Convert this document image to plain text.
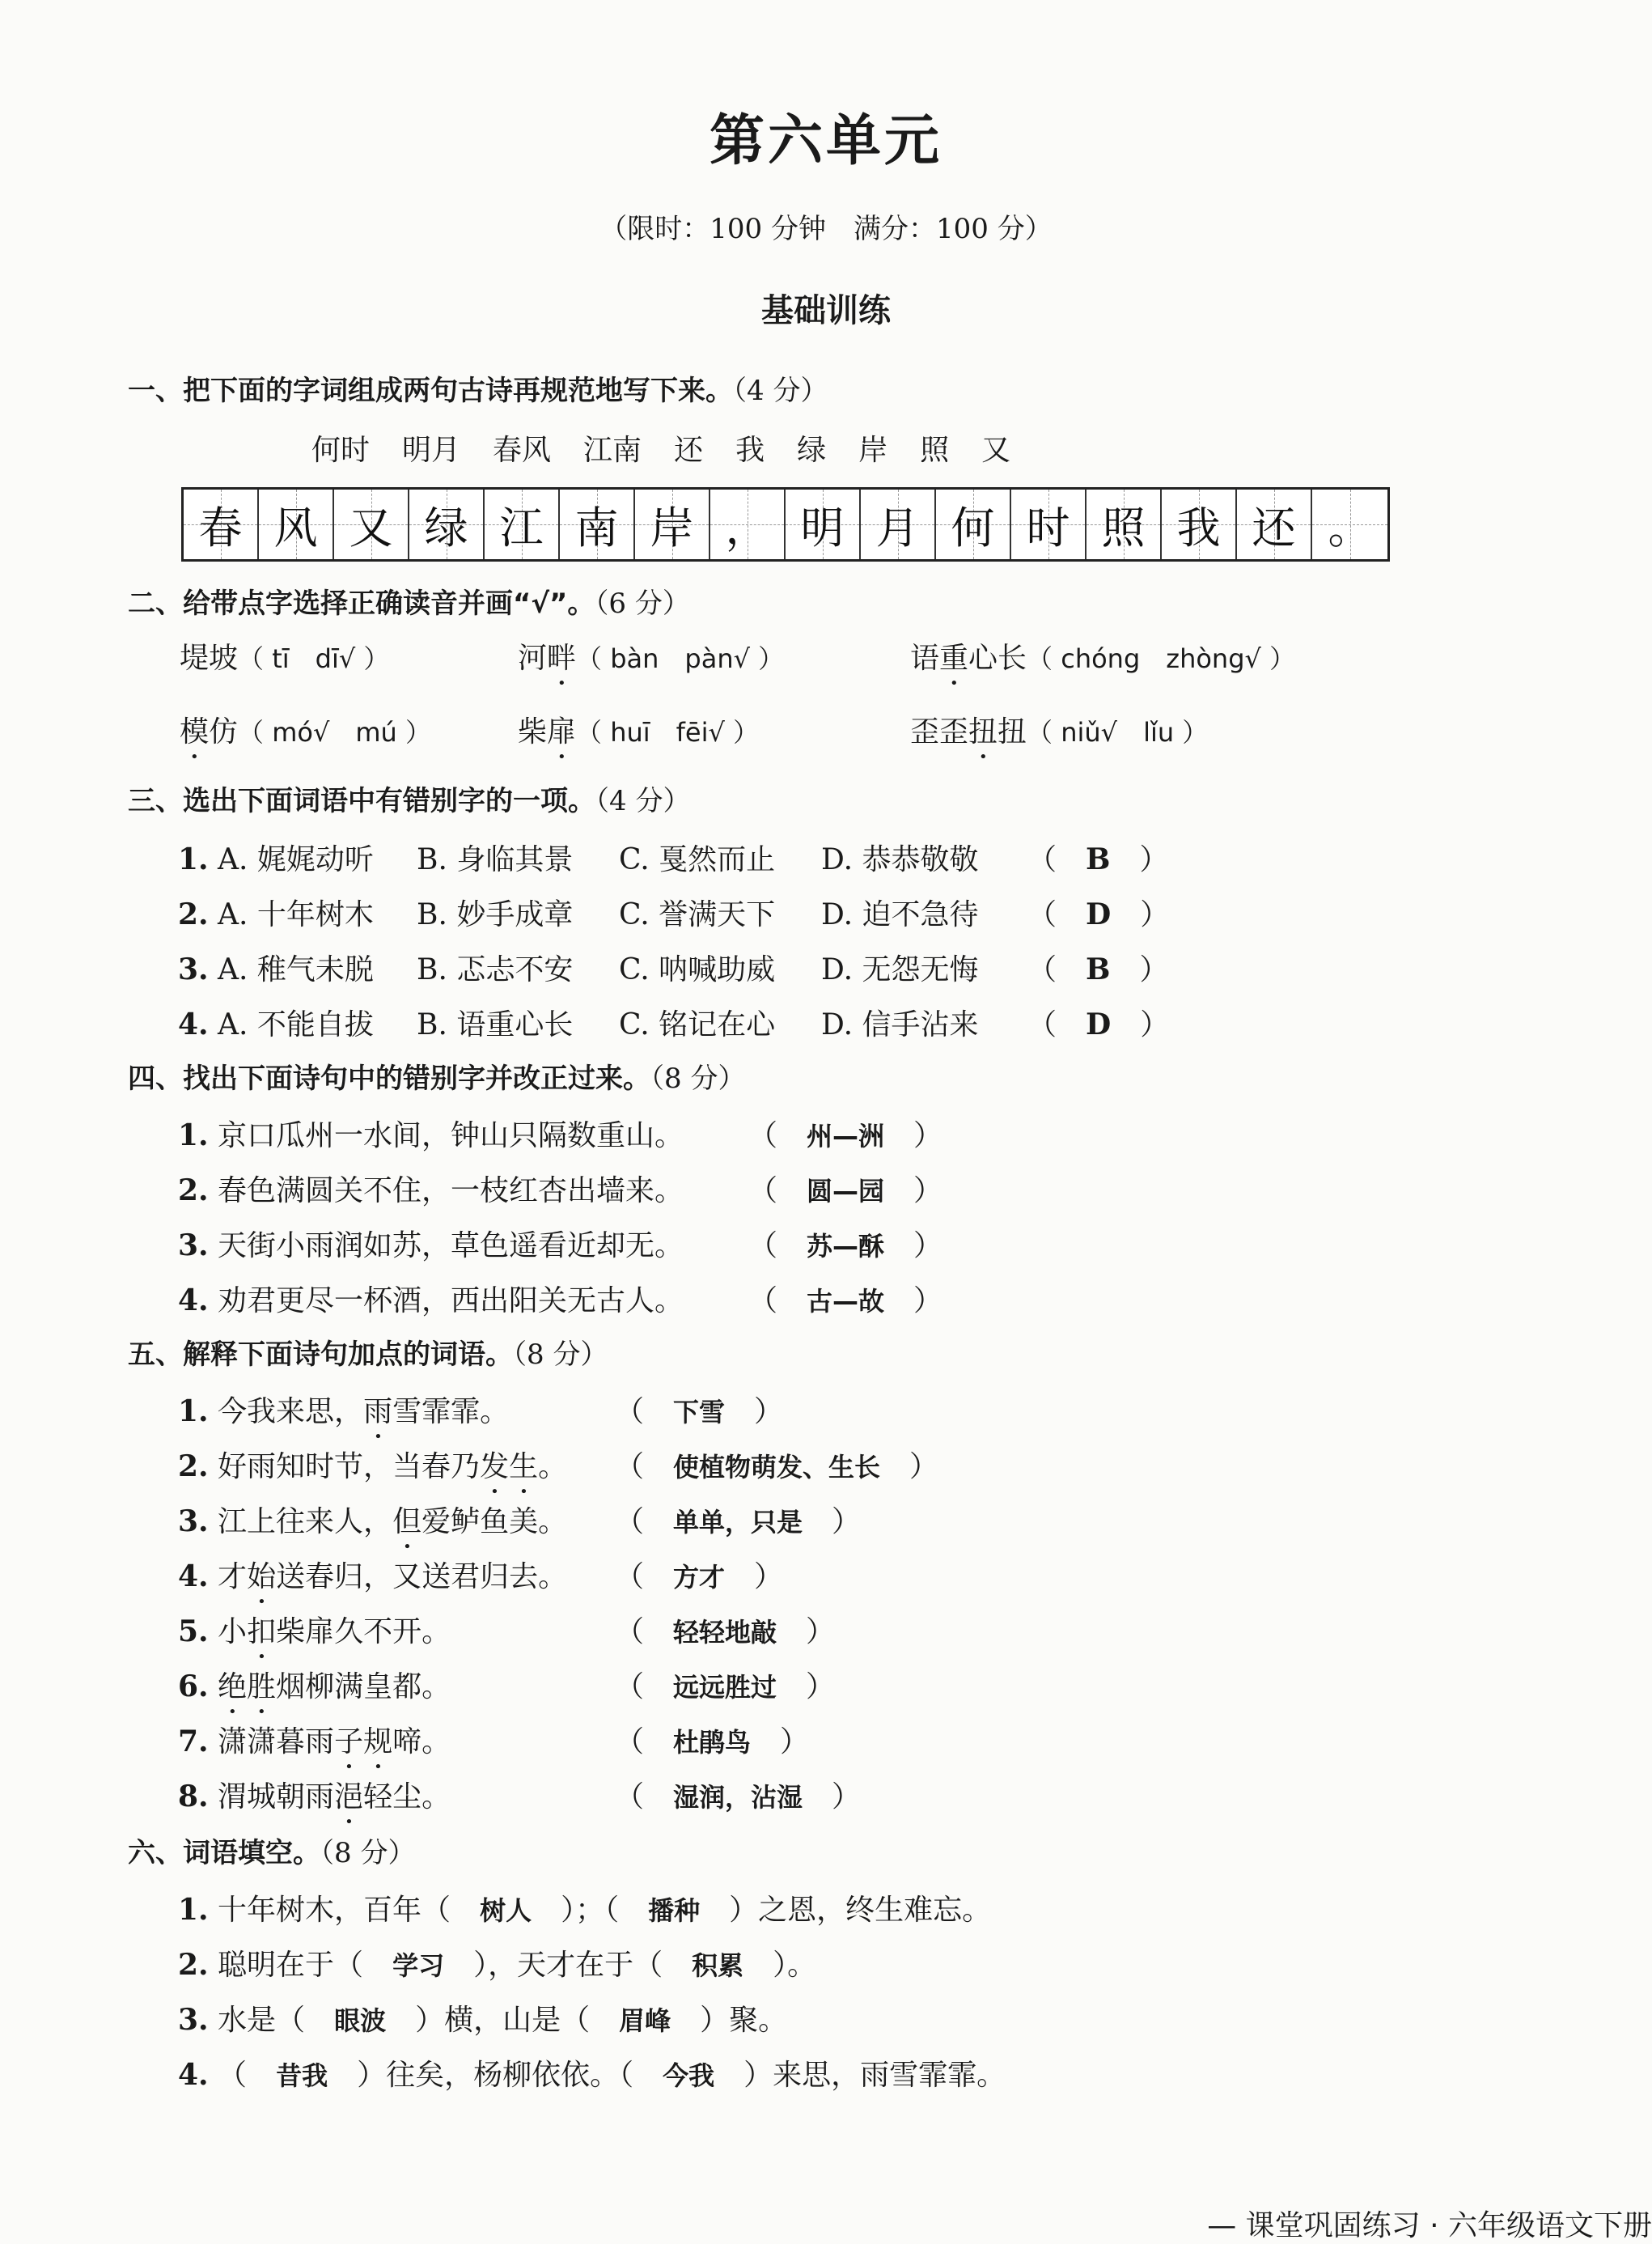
第六单元
（限时：100 分钟　满分：100 分）
基础训练
一、把下面的字词组成两句古诗再规范地写下来。（4 分）
何时 明月 春风 江南 还 我 绿 岸 照 又
春 风 又 绿 江 南 岸 ， 明 月 何 时 照 我 还 。
二、给带点字选择正确读音并画“√”。（6 分）
堤坡（ tī　dī√ ）	河畔（ bàn　pàn√ ）	语重心长（ chóng　zhòng√ ）
模仿（ mó√　mú ）	柴扉（ huī　fēi√ ）	歪歪扭扭（ niǔ√　lǐu ）
三、选出下面词语中有错别字的一项。（4 分）
1. A. 娓娓动听 B. 身临其景 C. 戛然而止 D. 恭恭敬敬 （　B　）
2. A. 十年树木 B. 妙手成章 C. 誉满天下 D. 迫不急待 （　D　）
3. A. 稚气未脱 B. 忑忐不安 C. 呐喊助威 D. 无怨无悔 （　B　）
4. A. 不能自拔 B. 语重心长 C. 铭记在心 D. 信手沾来 （　D　）
四、找出下面诗句中的错别字并改正过来。（8 分）
1. 京口瓜州一水间，钟山只隔数重山。 （　州—洲　）
2. 春色满圆关不住，一枝红杏出墙来。 （　圆—园　）
3. 天街小雨润如苏，草色遥看近却无。 （　苏—酥　）
4. 劝君更尽一杯酒，西出阳关无古人。 （　古—故　）
五、解释下面诗句加点的词语。（8 分）
1. 今我来思，雨雪霏霏。	（　下雪　）
2. 好雨知时节，当春乃发生。 （　使植物萌发、生长　）
3. 江上往来人，但爱鲈鱼美。 （　单单，只是　）
4. 才始送春归，又送君归去。 （　方才　）
5. 小扣柴扉久不开。	（　轻轻地敲　）
6. 绝胜烟柳满皇都。	（　远远胜过　）
7. 潇潇暮雨子规啼。	（　杜鹃鸟　）
8. 渭城朝雨浥轻尘。	（　湿润，沾湿　）
六、词语填空。（8 分）
1. 十年树木，百年（　 树人　 ）；（　 播种　 ）之恩，终生难忘。
2. 聪明在于（　 学习　 ），天才在于（　 积累　 ）。
3. 水是（　 眼波　 ）横，山是（　 眉峰　 ）聚。
4. （　 昔我　 ）往矣，杨柳依依。（　 今我　 ）来思，雨雪霏霏。
— 课堂巩固练习 · 六年级语文下册
